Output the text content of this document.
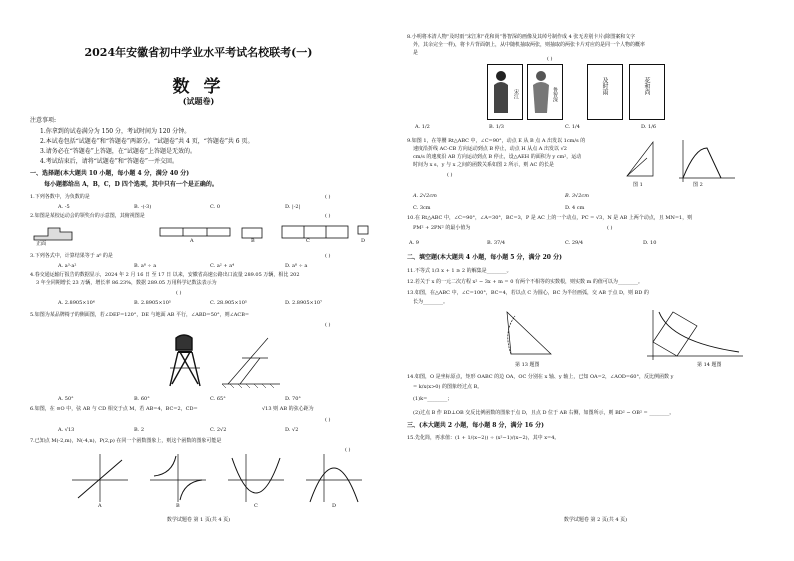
2024年安徽省初中学业水平考试名校联考(一)
数 学
(试题卷)
注意事项:
1.你拿到的试卷满分为 150 分，考试时间为 120 分钟。
2.本试卷包括“试题卷”和“答题卷”两部分。“试题卷”共 4 页，“答题卷”共 6 页。
3.请务必在“答题卷”上答题，在“试题卷”上答题是无效的。
4.考试结束后，请将“试题卷”和“答题卷”一并交回。
一、选择题(本大题共 10 小题，每小题 4 分，满分 40 分)
每小题都给出 A，B，C，D 四个选项，其中只有一个是正确的。
1.下列各数中，为负数的是	( )
A. -5	B. -(-3)	C. 0	D. |-2|
2.如图是某校运动会的领奖台的示意图，其俯视图是	( )
正面	A	B	C	D
3.下列各式中，计算结果等于 a⁶ 的是	( )
A. a³·a²	B. a⁸ ÷ a	C. a² + a⁴	D. a⁸ ÷ a
4.春交通运输厅报告的数据显示，2024 年 2 月 16 日 至 17 日 以来，安徽省高速公路出口流量 289.05 万辆，相比 202
3 年全同期增长 23 万辆，增长率 86.23%，数据 289.05 万用科学记数法表示为
( )
A. 2.8905×10⁶	B. 2.8905×10⁵	C. 28.905×10⁵	D. 2.8905×10⁷
5.如图为某品牌椅子的侧面图，若∠DEF=120°，DE 与地面 AB 平行，∠ABD=50°，则∠ACB=
( )
A. 50°	B. 60°	C. 65°	D. 70°
6.如图，在 ⊙O 中，弦 AB 与 CD 相交于点 M，若 AB=4，BC=2，CD=	√13 则 AB 的弦心距为
( )
A. √13	B. 2	C. 2√2	D. √2
7.已知点 M(-2,m)，N(-4,n)，P(2,p) 在同一个函数图象上，则这个函数的图象可能是
( )
A	B	C	D
数学试题卷 第 1 页(共 4 页)
8.小明将本清人物“及时雨”宋江和“花和尚”鲁智深的画像及其绰号制作成 4 张无差别卡片(除图案和文字
外，其余完全一样)，将卡片背面朝上，从中随机抽取两张，则抽取的两张卡片对应的是同一个人物的概率
是
( )
宋江	鲁智深	及时雨	花和尚
A. 1/2	B. 1/3	C. 1/4	D. 1/6
9.如图 1，在等腰 Rt△ABC 中，∠C=90°，动点 E 从 B 点 A 出发以 1cm/s 的
速度沿折线 AC-CB 方向运动到点 B 停止，动点 H 从点 A 出发以 √2
cm/s 的速度沿 AB 方向运动到点 B 停止，设△AEH 的面积为 y cm²，运动
时间为 x s，y 与 x 之间的函数关系如图 2 所示，则 AC 的长是
( )
图 1	图 2
A. 2√2cm	B. 3√2cm
C. 3cm	D. 4 cm
10.在 Rt△ABC 中，∠C=90°，∠A=30°，BC=3，P 是 AC 上的一个动点，PC = √3，N 是 AB 上两个动点，且 MN=1，则
PM² + 2PN² 的最小值为	( )
A. 9	B. 37/4	C. 29/4	D. 10
二、填空题(本大题共 4 小题，每小题 5 分，满分 20 分)
11.不等式 1/3 x + 1 ≥ 2 的解集是________。
12.若关于 x 的一元二次方程 x² − 3x + m = 0 有两个不相等的实数根，则实数 m 的值可以为________。
13.如图，在△ABC 中，∠C=100°，BC=4，若以点 C 为圆心，BC 为半径画弧，交 AB 于点 D，则 BD 的
长为________。
第 13 题图	第 14 题图
14.如图，O 是坐标原点，矩形 OABC 的边 OA，OC 分别在 x 轴、y 轴上，已知 OA=2，∠AOD=60°，反比例函数 y
= k/x(x>0) 的图象经过点 B。
(1)k=________；
(2)过点 B 作 BD⊥OB 交反比例函数的图象于点 D，且点 D 位于 AB 右侧，如图所示，则 BD² − OB² = ________。
三、(本大题共 2 小题，每小题 8 分，满分 16 分)
15.先化简，再求值：(1 + 1/(x−2)) ÷ (x²−1)/(x−2)，其中 x=4。
数学试题卷 第 2 页(共 4 页)
